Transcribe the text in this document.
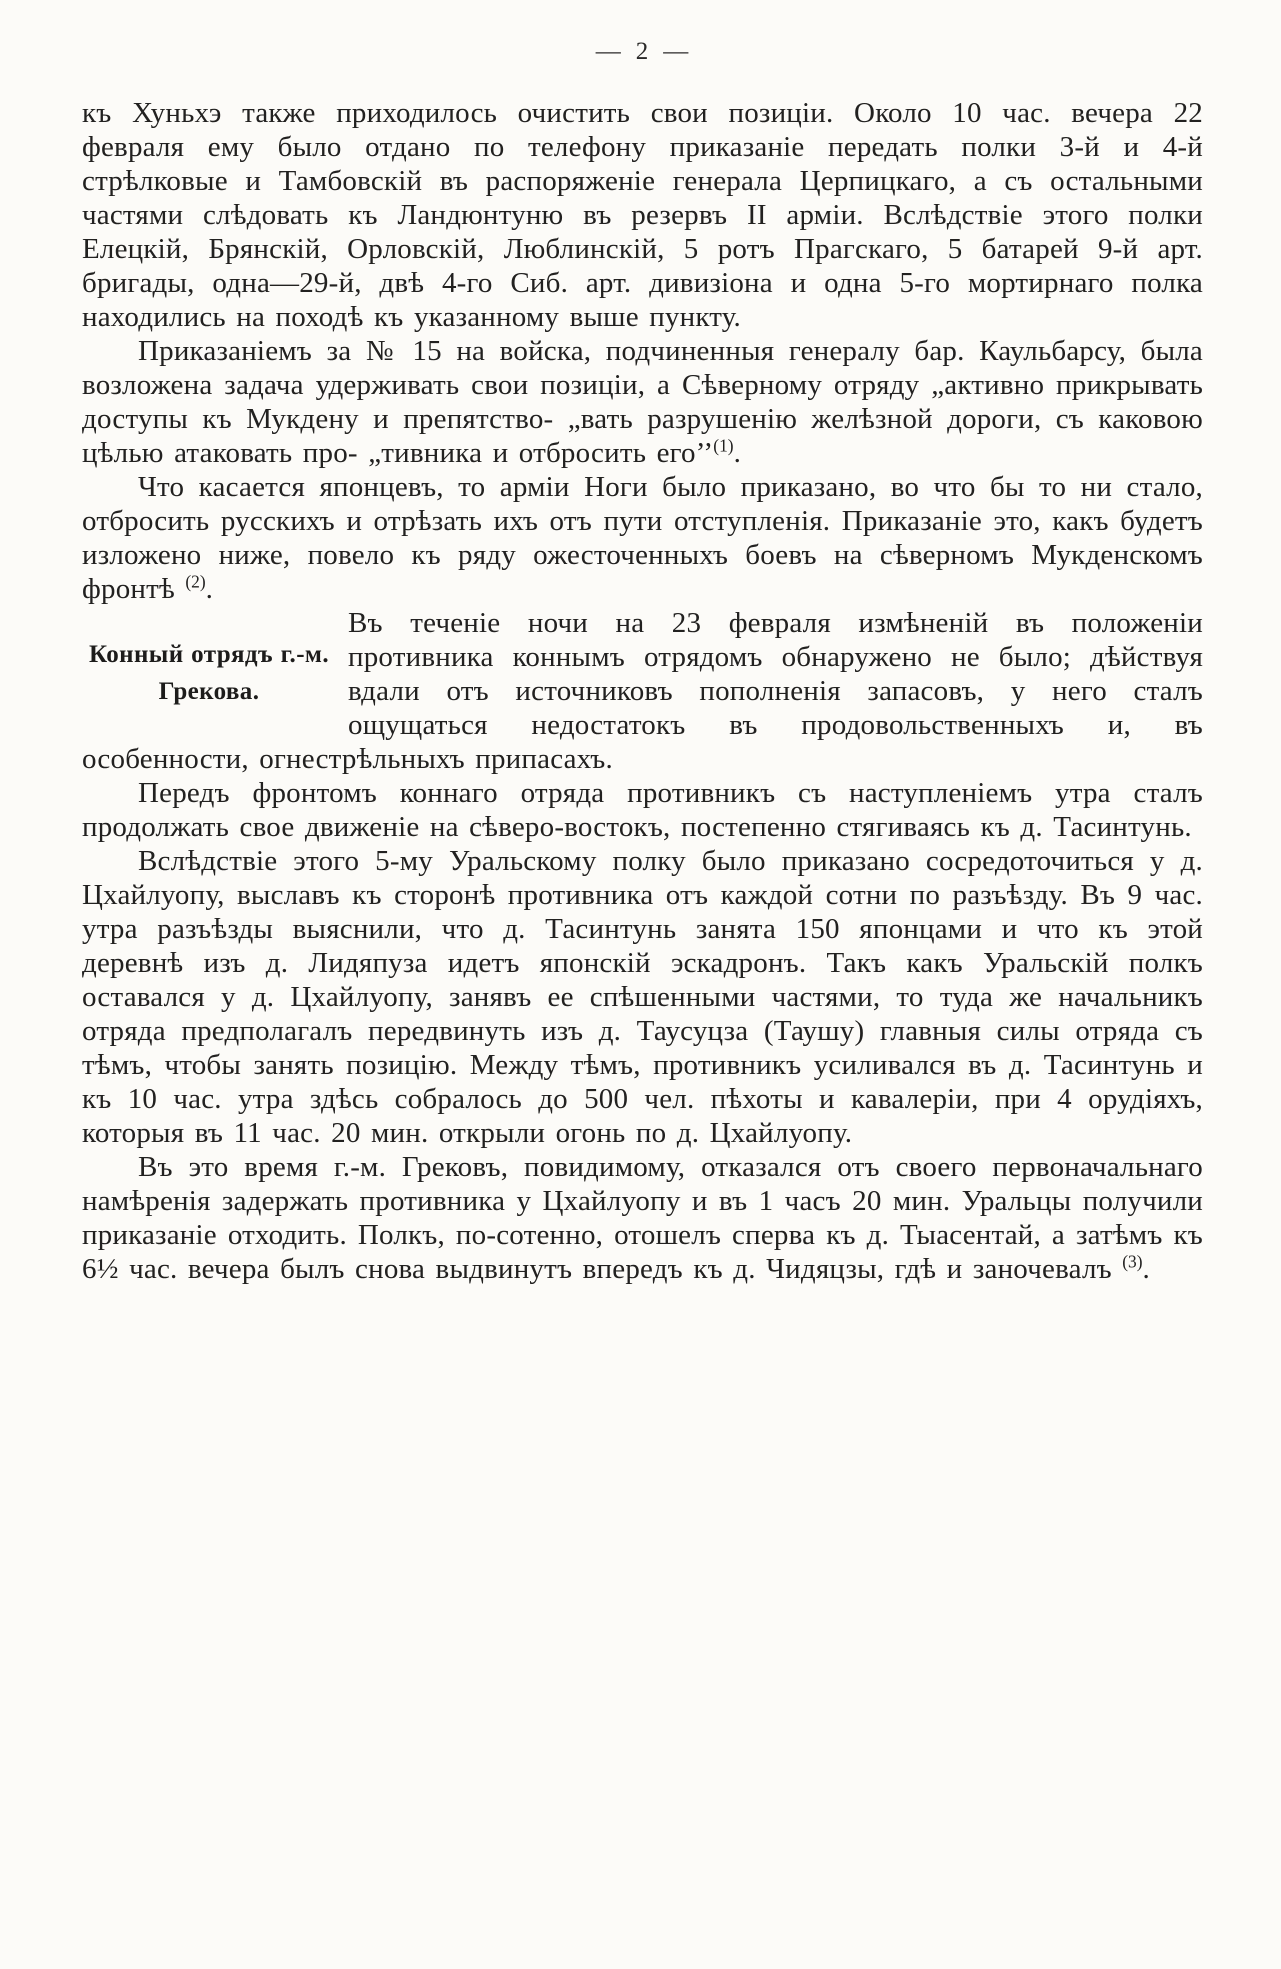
— 2 —

къ Хуньхэ также приходилось очистить свои позиціи. Около 10 час. вечера 22 февраля ему было отдано по телефону приказаніе передать полки 3-й и 4-й стрѣлковые и Тамбовскій въ распоряженіе генерала Церпицкаго, а съ остальными частями слѣдовать къ Ландюнтуню въ резервъ II арміи. Вслѣдствіе этого полки Елецкій, Брянскій, Орловскій, Люблинскій, 5 ротъ Прагскаго, 5 батарей 9-й арт. бригады, одна—29-й, двѣ 4-го Сиб. арт. дивизіона и одна 5-го мортирнаго полка находились на походѣ къ указанному выше пункту.

Приказаніемъ за № 15 на войска, подчиненныя генералу бар. Каульбарсу, была возложена задача удерживать свои позиціи, а Сѣверному отряду „активно прикрывать доступы къ Мукдену и препятство- „вать разрушенію желѣзной дороги, съ каковою цѣлью атаковать про- „тивника и отбросить его’’$^{(1)}$.

Что касается японцевъ, то арміи Ноги было приказано, во что бы то ни стало, отбросить русскихъ и отрѣзать ихъ отъ пути отступленія. Приказаніе это, какъ будетъ изложено ниже, повело къ ряду ожесточенныхъ боевъ на сѣверномъ Мукденскомъ фронтѣ $^{(2)}$.

Конный отрядъ г.-м.
Грекова.

Въ теченіе ночи на 23 февраля измѣненій въ положеніи противника коннымъ отрядомъ обнаружено не было; дѣйствуя вдали отъ источниковъ пополненія запасовъ, у него сталъ ощущаться недостатокъ въ продовольственныхъ и, въ особенности, огнестрѣльныхъ припасахъ.

Передъ фронтомъ коннаго отряда противникъ съ наступленіемъ утра сталъ продолжать свое движеніе на сѣверо-востокъ, постепенно стягиваясь къ д. Тасинтунь.

Вслѣдствіе этого 5-му Уральскому полку было приказано сосредоточиться у д. Цхайлуопу, выславъ къ сторонѣ противника отъ каждой сотни по разъѣзду. Въ 9 час. утра разъѣзды выяснили, что д. Тасинтунь занята 150 японцами и что къ этой деревнѣ изъ д. Лидяпуза идетъ японскій эскадронъ. Такъ какъ Уральскій полкъ оставался у д. Цхайлуопу, занявъ ее спѣшенными частями, то туда же начальникъ отряда предполагалъ передвинуть изъ д. Таусуцза (Таушу) главныя силы отряда съ тѣмъ, чтобы занять позицію. Между тѣмъ, противникъ усиливался въ д. Тасинтунь и къ 10 час. утра здѣсь собралось до 500 чел. пѣхоты и кавалеріи, при 4 орудіяхъ, которыя въ 11 час. 20 мин. открыли огонь по д. Цхайлуопу.

Въ это время г.-м. Грековъ, повидимому, отказался отъ своего первоначальнаго намѣренія задержать противника у Цхайлуопу и въ 1 часъ 20 мин. Уральцы получили приказаніе отходить. Полкъ, по-сотенно, отошелъ сперва къ д. Тыасентай, а затѣмъ къ 6½ час. вечера былъ снова выдвинутъ впередъ къ д. Чидяцзы, гдѣ и заночевалъ $^{(3)}$.
